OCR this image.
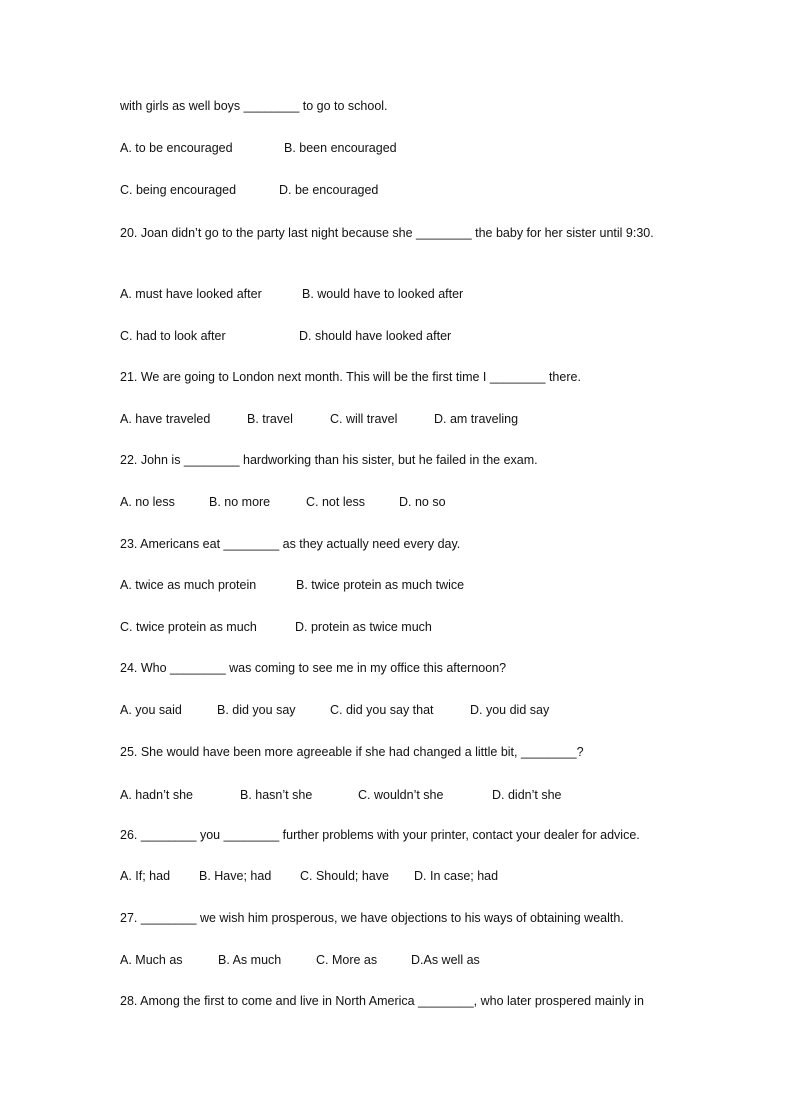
with girls as well boys ________ to go to school.
A. to be encouraged	B. been encouraged
C. being encouraged	D. be encouraged
20. Joan didn’t go to the party last night because she ________ the baby for her sister until 9:30.
A. must have looked after	B. would have to looked after
C. had to look after	D. should have looked after
21. We are going to London next month. This will be the first time I ________ there.
A. have traveled	B. travel	C. will travel	D. am traveling
22. John is ________ hardworking than his sister, but he failed in the exam.
A. no less	B. no more	C. not less	D. no so
23. Americans eat ________ as they actually need every day.
A. twice as much protein	B. twice protein as much twice
C. twice protein as much	D. protein as twice much
24. Who ________ was coming to see me in my office this afternoon?
A. you said	B. did you say	C. did you say that	D. you did say
25. She would have been more agreeable if she had changed a little bit, ________?
A. hadn’t she	B. hasn’t she	C. wouldn’t she	D. didn’t she
26. ________ you ________ further problems with your printer, contact your dealer for advice.
A. If; had B. Have; had C. Should; have D. In case; had
27. ________ we wish him prosperous, we have objections to his ways of obtaining wealth.
A. Much as	B. As much	C. More as	D.As well as
28. Among the first to come and live in North America ________, who later prospered mainly in
